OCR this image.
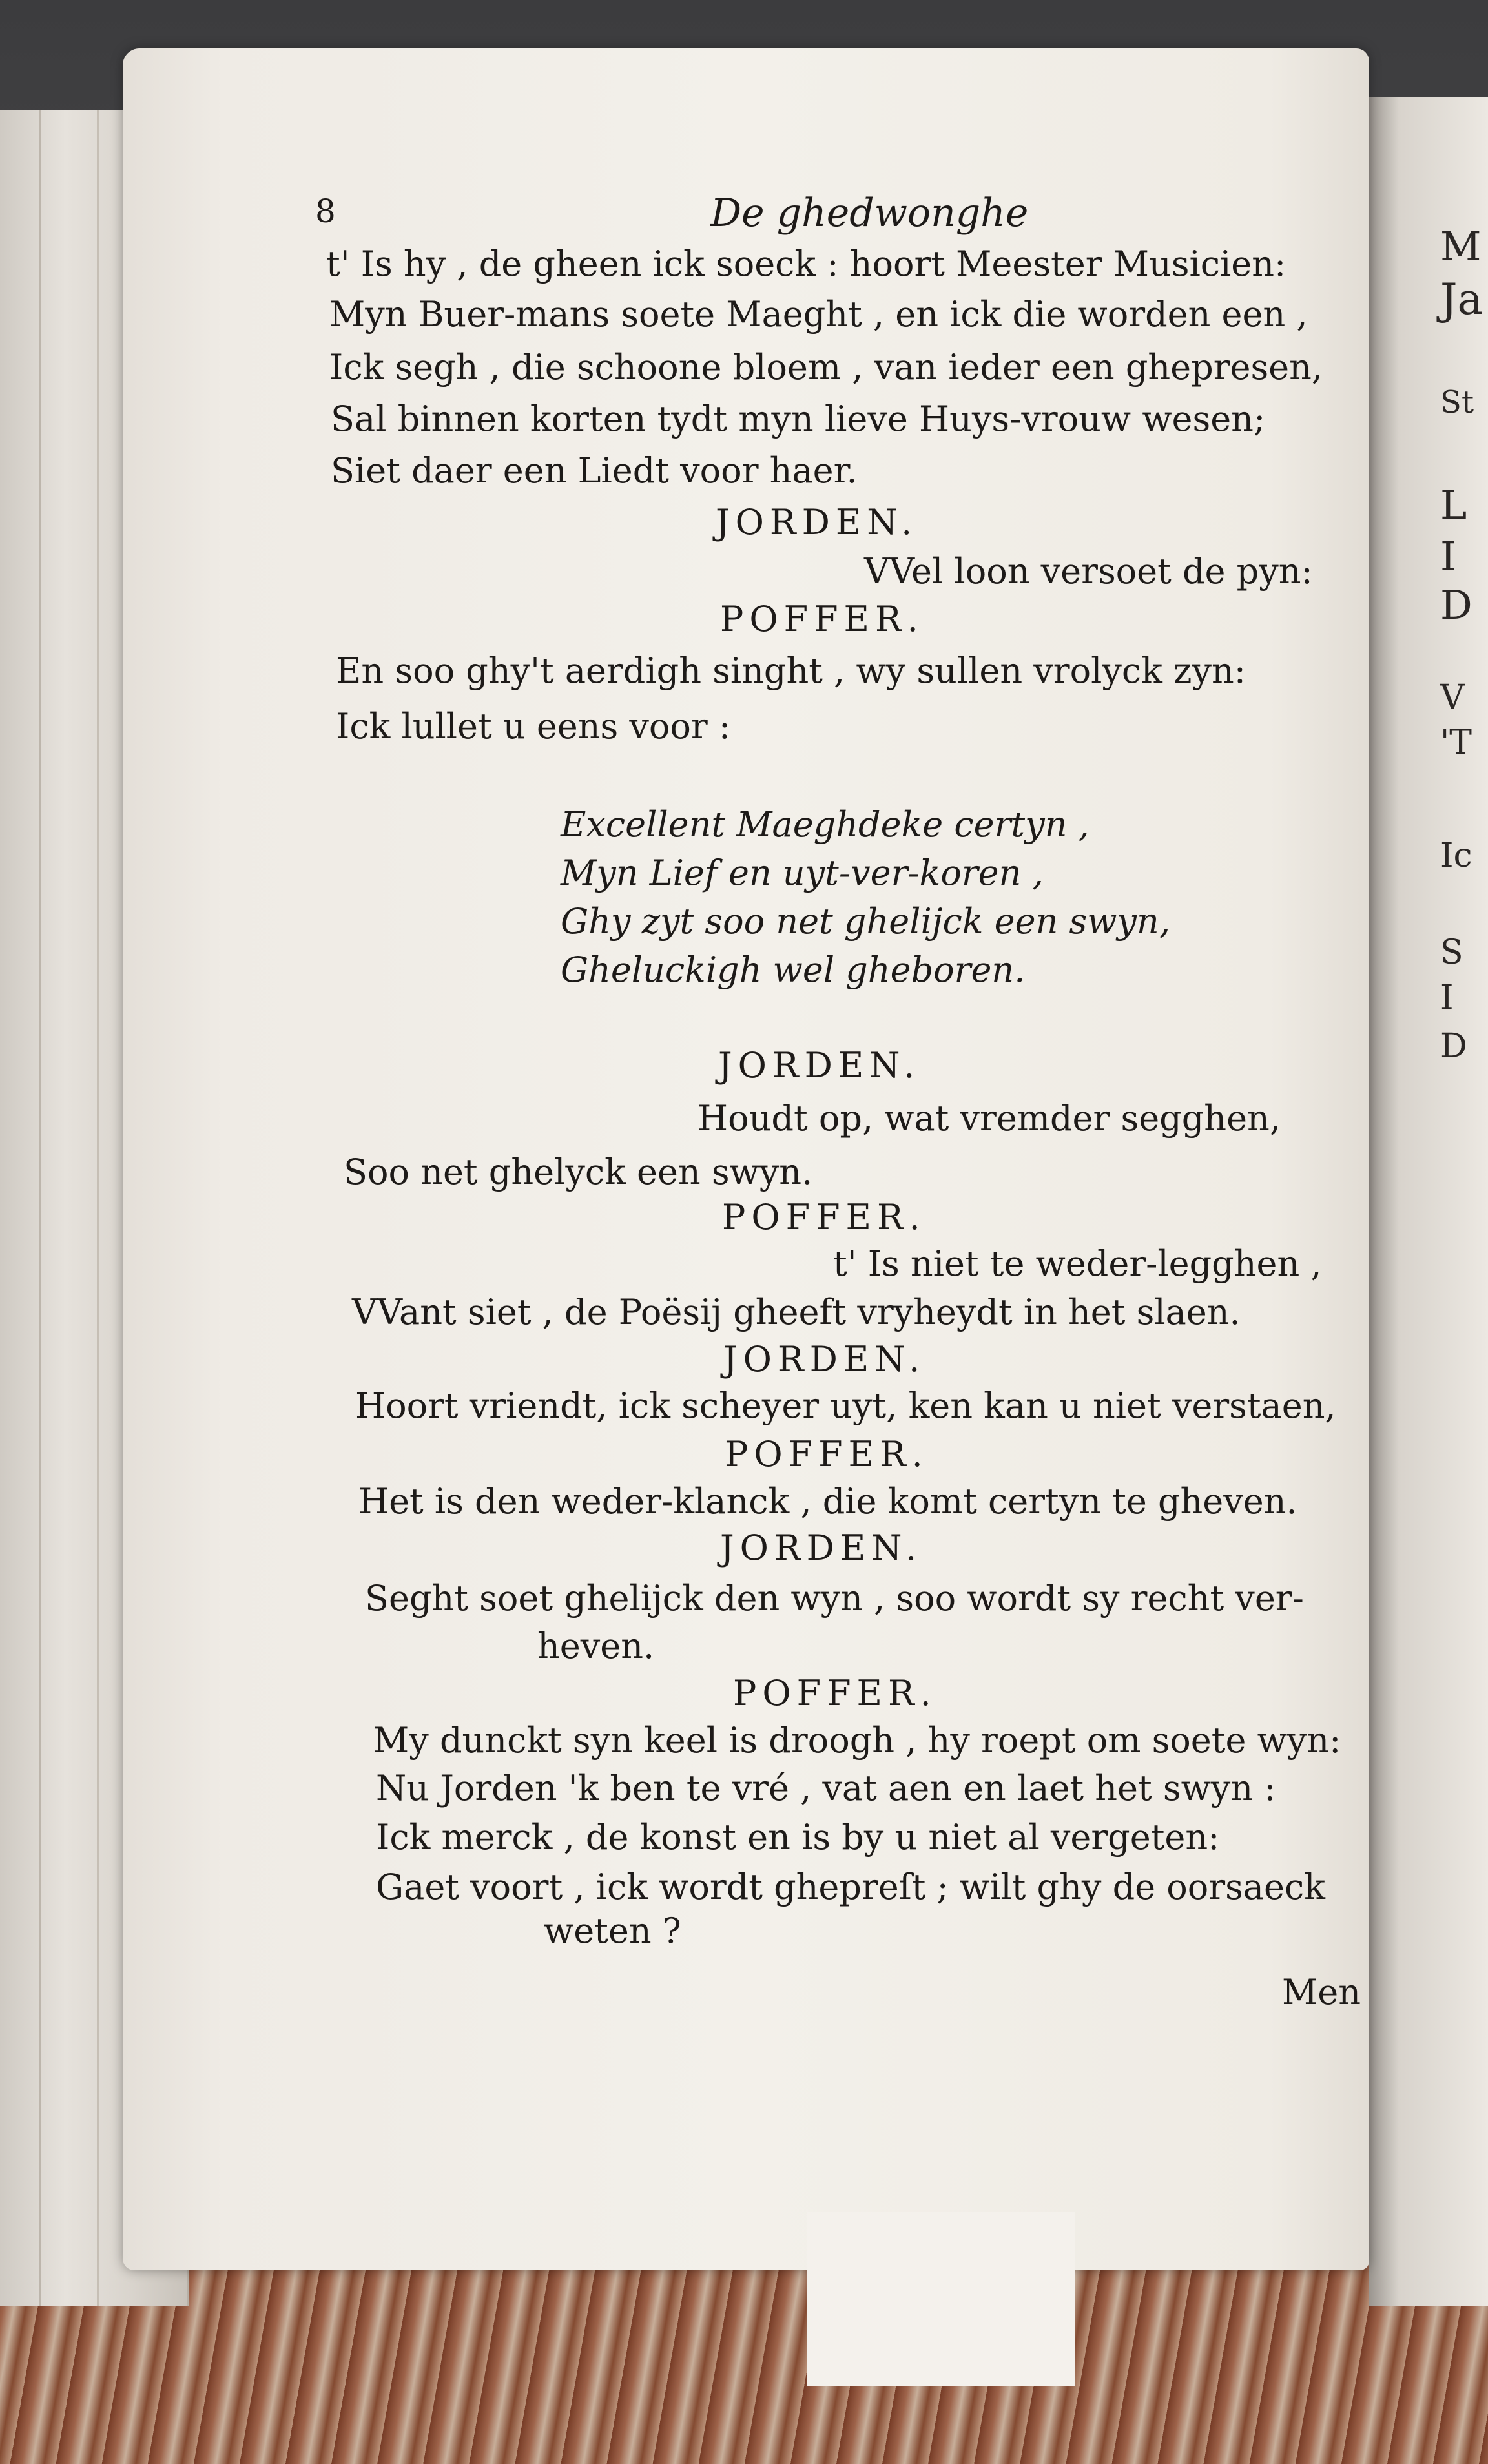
M
Ja
St
L
I
D
V
'T
Ic
S
I
D
8	De ghedwonghe
t' Is hy , de gheen ick soeck : hoort Meester Musicien:
Myn Buer-mans soete Maeght , en ick die worden een ,
Ick segh , die schoone bloem , van ieder een ghepresen,
Sal binnen korten tydt myn lieve Huys-vrouw wesen;
Siet daer een Liedt voor haer.
JORDEN.
VVel loon versoet de pyn:
POFFER.
En soo ghy't aerdigh singht , wy sullen vrolyck zyn:
Ick lullet u eens voor :
Excellent Maeghdeke certyn ,
Myn Lief en uyt-ver-koren ,
Ghy zyt soo net ghelijck een swyn,
Gheluckigh wel gheboren.
JORDEN.
Houdt op, wat vremder segghen,
Soo net ghelyck een swyn.
POFFER.
t' Is niet te weder-legghen ,
VVant siet , de Poësij gheeft vryheydt in het slaen.
JORDEN.
Hoort vriendt, ick scheyer uyt, ken kan u niet verstaen,
POFFER.
Het is den weder-klanck , die komt certyn te gheven.
JORDEN.
Seght soet ghelijck den wyn , soo wordt sy recht ver-
heven.
POFFER.
My dunckt syn keel is droogh , hy roept om soete wyn:
Nu Jorden 'k ben te vré , vat aen en laet het swyn :
Ick merck , de konst en is by u niet al vergeten:
Gaet voort , ick wordt ghepreſt ; wilt ghy de oorsaeck
weten ?
Men
